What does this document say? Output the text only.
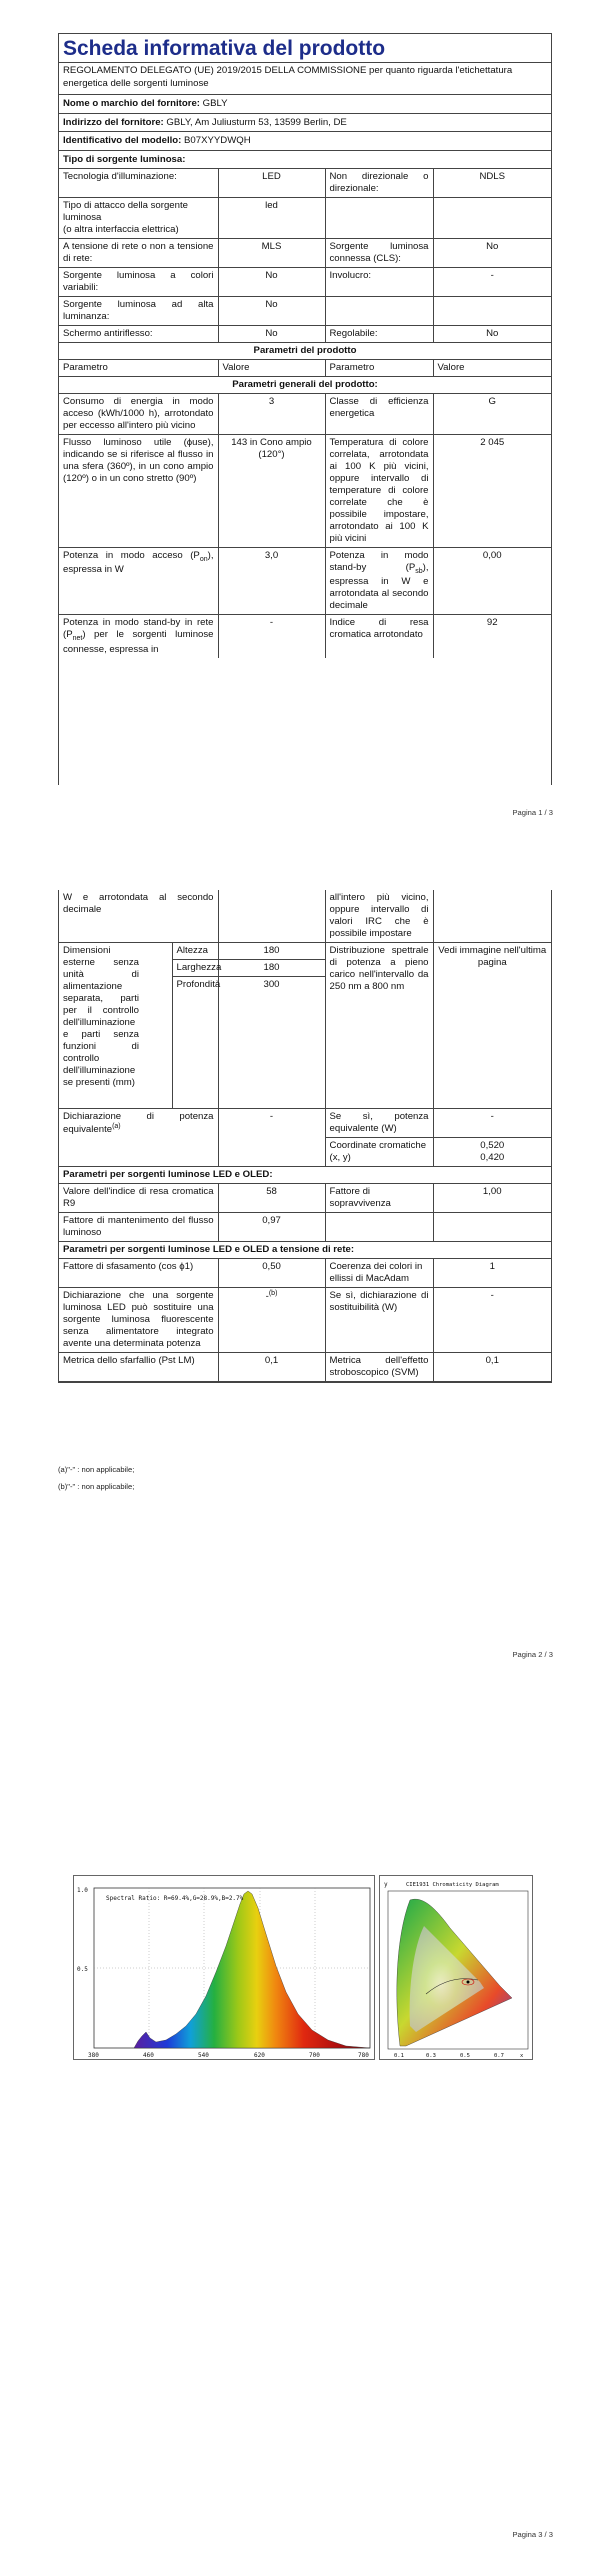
Scheda informativa del prodotto
REGOLAMENTO DELEGATO (UE) 2019/2015 DELLA COMMISSIONE per quanto riguarda l'etichettatura energetica delle sorgenti luminose
Nome o marchio del fornitore: GBLY
Indirizzo del fornitore: GBLY, Am Juliusturm 53, 13599 Berlin, DE
Identificativo del modello: B07XYYDWQH
Tipo di sorgente luminosa:
Tecnologia d'illuminazione:	LED	Non direzionale o direzionale:	NDLS
Tipo di attacco della sorgente luminosa
(o altra interfaccia elettrica)	led		
A tensione di rete o non a tensione di rete:	MLS	Sorgente luminosa connessa (CLS):	No
Sorgente luminosa a colori variabili:	No	Involucro:	-
Sorgente luminosa ad alta luminanza:	No		
Schermo antiriflesso:	No	Regolabile:	No
Parametri del prodotto			
Parametro	Valore	Parametro	Valore
Parametri generali del prodotto:			
Consumo di energia in modo acceso (kWh/1000 h), arrotondato per eccesso all'intero più vicino	3	Classe di efficienza energetica	G
Flusso luminoso utile (ϕuse), indicando se si riferisce al flusso in una sfera (360º), in un cono ampio (120º) o in un cono stretto (90º)	143 in Cono ampio (120°)	Temperatura di colore correlata, arrotondata ai 100 K più vicini, oppure intervallo di temperature di colore correlate che è possibile impostare, arrotondato ai 100 K più vicini	2 045
Potenza in modo acceso $(P_{on})$, espressa in W	3,0	Potenza in modo stand-by $(P_{sb})$, espressa in W e arrotondata al secondo decimale	0,00
Potenza in modo stand-by in rete $(P_{net})$ per le sorgenti luminose connesse, espressa in	-	Indice di resa cromatica arrotondato	92
Pagina 1 / 3
W e arrotondata al secondo decimale			all'intero più vicino, oppure intervallo di valori IRC che è possibile impostare	

Dimensioni esterne senza unità di alimentazione separata, parti per il controllo dell'illuminazione e parti senza funzioni di controllo dell'illuminazione se presenti (mm)	Altezza	180	Distribuzione spettrale di potenza a pieno carico nell'intervallo da 250 nm a 800 nm	Vedi immagine nell'ultima pagina
	Larghezza	180		
	Profondità	300		
Dichiarazione di potenza equivalente$^{(a)}$		-	Se sì, potenza equivalente (W)	-
			Coordinate cromatiche (x, y)	0,520
0,420

Parametri per sorgenti luminose LED e OLED:				
Valore dell'indice di resa cromatica R9		58	Fattore di sopravvivenza	1,00
Fattore di mantenimento del flusso luminoso		0,97		
Parametri per sorgenti luminose LED e OLED a tensione di rete:				
Fattore di sfasamento (cos ϕ1)		0,50	Coerenza dei colori in ellissi di MacAdam	1
Dichiarazione che una sorgente luminosa LED può sostituire una sorgente luminosa fluorescente senza alimentatore integrato avente una determinata potenza		-$^{(b)}$	Se sì, dichiarazione di sostituibilità (W)	-
Metrica dello sfarfallio (Pst LM)		0,1	Metrica dell'effetto stroboscopico (SVM)	0,1
(a)"-" : non applicabile;
(b)"-" : non applicabile;
Pagina 2 / 3
Pagina 3 / 3
Spectral Ratio: R=69.4%,G=28.9%,B=2.7%
1.0
0.5
380	460	540	620	700	780
y	CIE1931 Chromaticity Diagram
0.1	0.3	0.5	0.7	x
